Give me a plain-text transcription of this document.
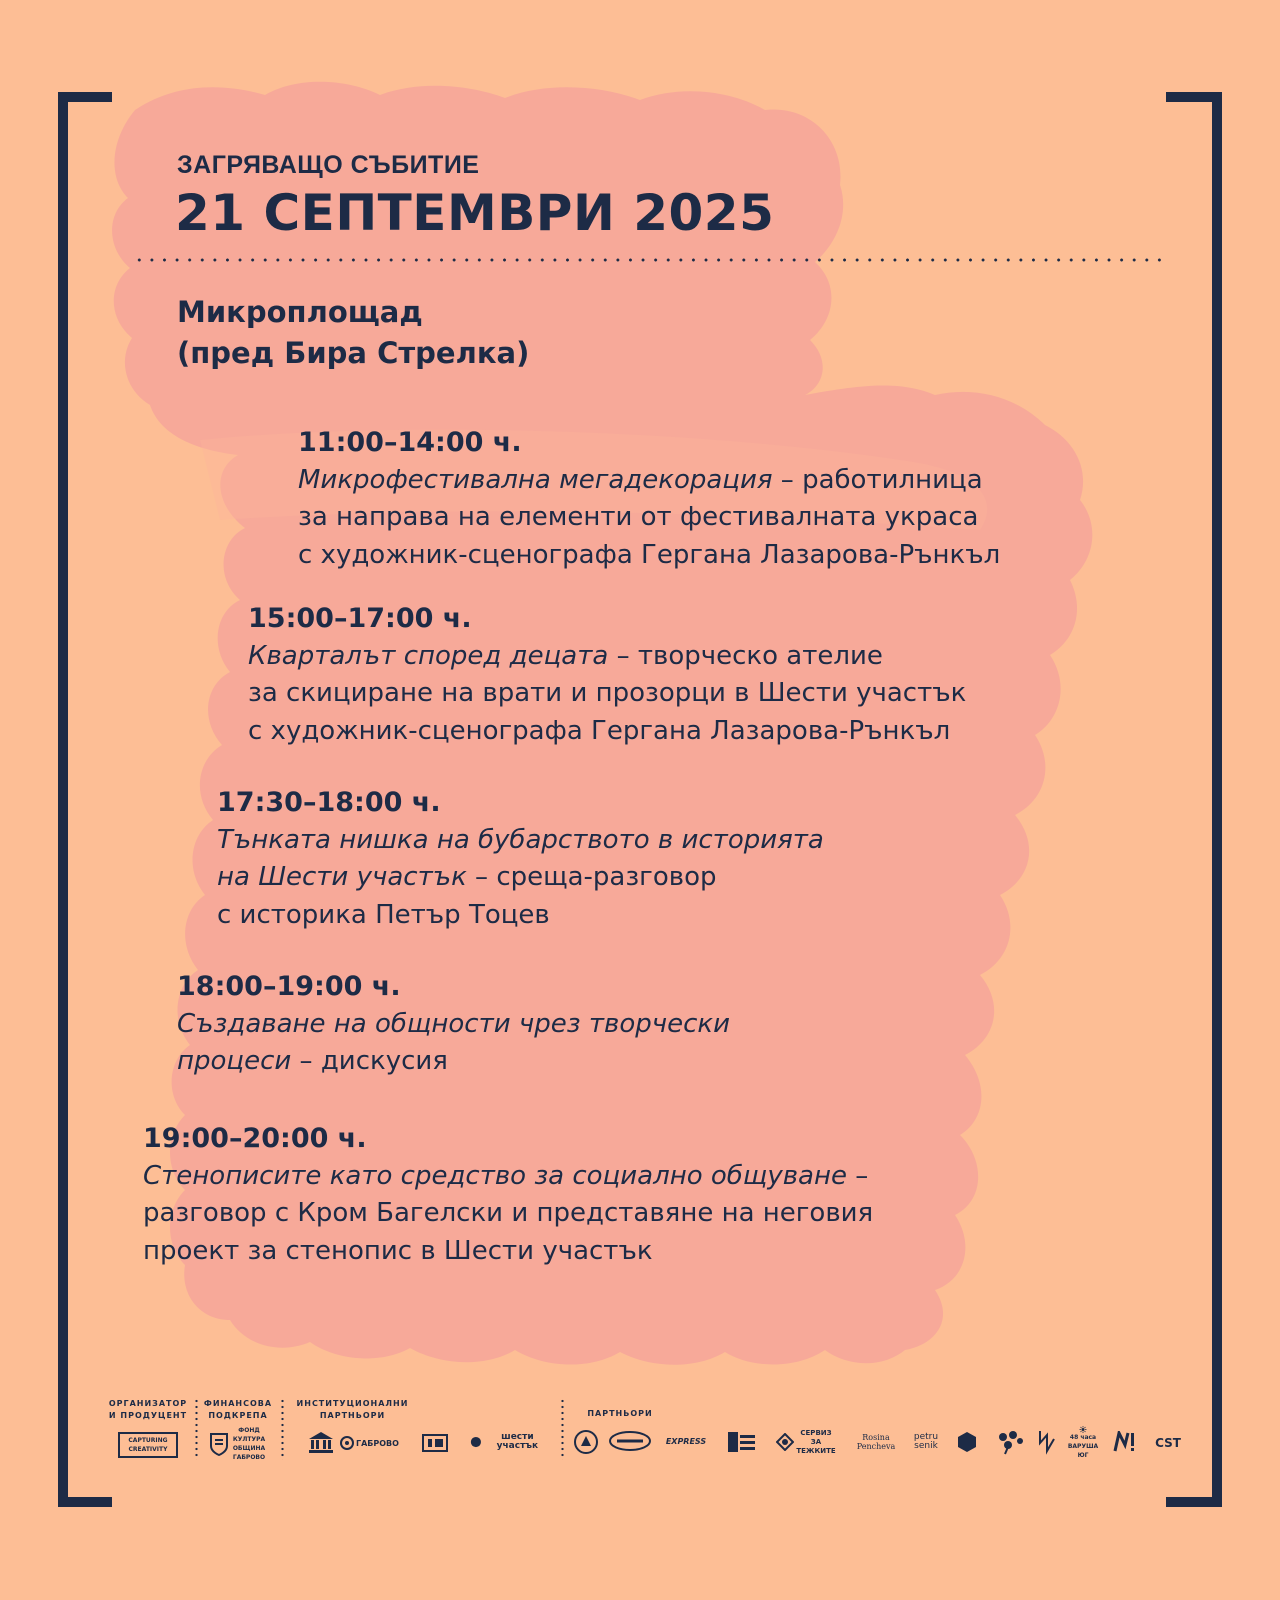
ЗАГРЯВАЩО СЪБИТИЕ
21 СЕПТЕМВРИ 2025
Микроплощад
(пред Бира Стрелка)
11:00–14:00 ч.
Микрофестивална мегадекорация – работилница
за направа на елементи от фестивалната украса
с художник-сценографа Гергана Лазарова-Рънкъл
15:00–17:00 ч.
Кварталът според децата – творческо ателие
за скициране на врати и прозорци в Шести участък
с художник-сценографа Гергана Лазарова-Рънкъл
17:30–18:00 ч.
Тънката нишка на бубарството в историята
на Шести участък – среща-разговор
с историка Петър Тоцев
18:00–19:00 ч.
Създаване на общности чрез творчески
процеси – дискусия
19:00–20:00 ч.
Стенописите като средство за социално общуване –
разговор с Кром Багелски и представяне на неговия
проект за стенопис в Шести участък
ОРГАНИЗАТОР И ПРОДУЦЕНТ
ФИНАНСОВА ПОДКРЕПА
ИНСТИТУЦИОНАЛНИ ПАРТНЬОРИ	ПАРТНЬОРИ
CAPTURING CREATIVITY
ФОНД КУЛТУРА ОБЩИНА ГАБРОВО
ГАБРОВО
шести участък	EXPRESS
СЕРВИЗ ЗА ТЕЖКИТЕ
Rosina Pencheva
petru senik
48 часа ВАРУША ЮГ
CST
